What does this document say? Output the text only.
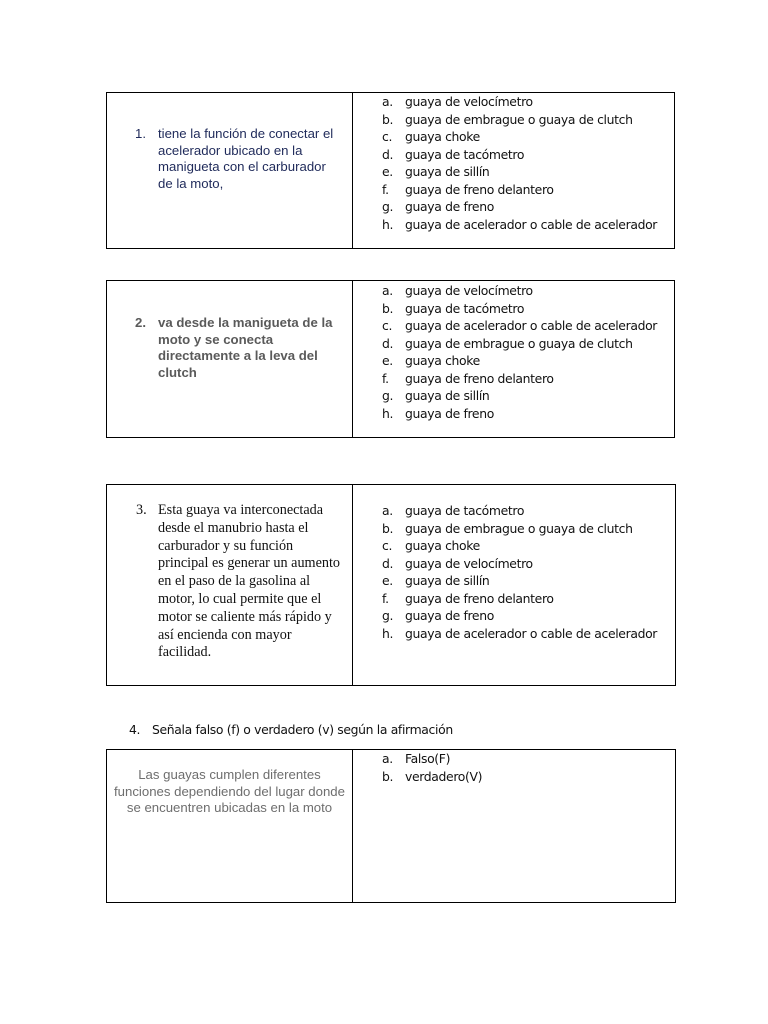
1. tiene la función de conectar el acelerador ubicado en la manigueta con el carburador de la moto,
a. guaya de velocímetro
b. guaya de embrague o guaya de clutch
c. guaya choke
d. guaya de tacómetro
e. guaya de sillín
f. guaya de freno delantero
g. guaya de freno
h. guaya de acelerador o cable de acelerador
2. va desde la manigueta de la moto y se conecta directamente a la leva del clutch
a. guaya de velocímetro
b. guaya de tacómetro
c. guaya de acelerador o cable de acelerador
d. guaya de embrague o guaya de clutch
e. guaya choke
f. guaya de freno delantero
g. guaya de sillín
h. guaya de freno
3. Esta guaya va interconectada desde el manubrio hasta el carburador y su función principal es generar un aumento en el paso de la gasolina al motor, lo cual permite que el motor se caliente más rápido y así encienda con mayor facilidad.
a. guaya de tacómetro
b. guaya de embrague o guaya de clutch
c. guaya choke
d. guaya de velocímetro
e. guaya de sillín
f. guaya de freno delantero
g. guaya de freno
h. guaya de acelerador o cable de acelerador
4. Señala falso (f) o verdadero (v) según la afirmación
Las guayas cumplen diferentes funciones dependiendo del lugar donde se encuentren ubicadas en la moto
a. Falso(F)
b. verdadero(V)
